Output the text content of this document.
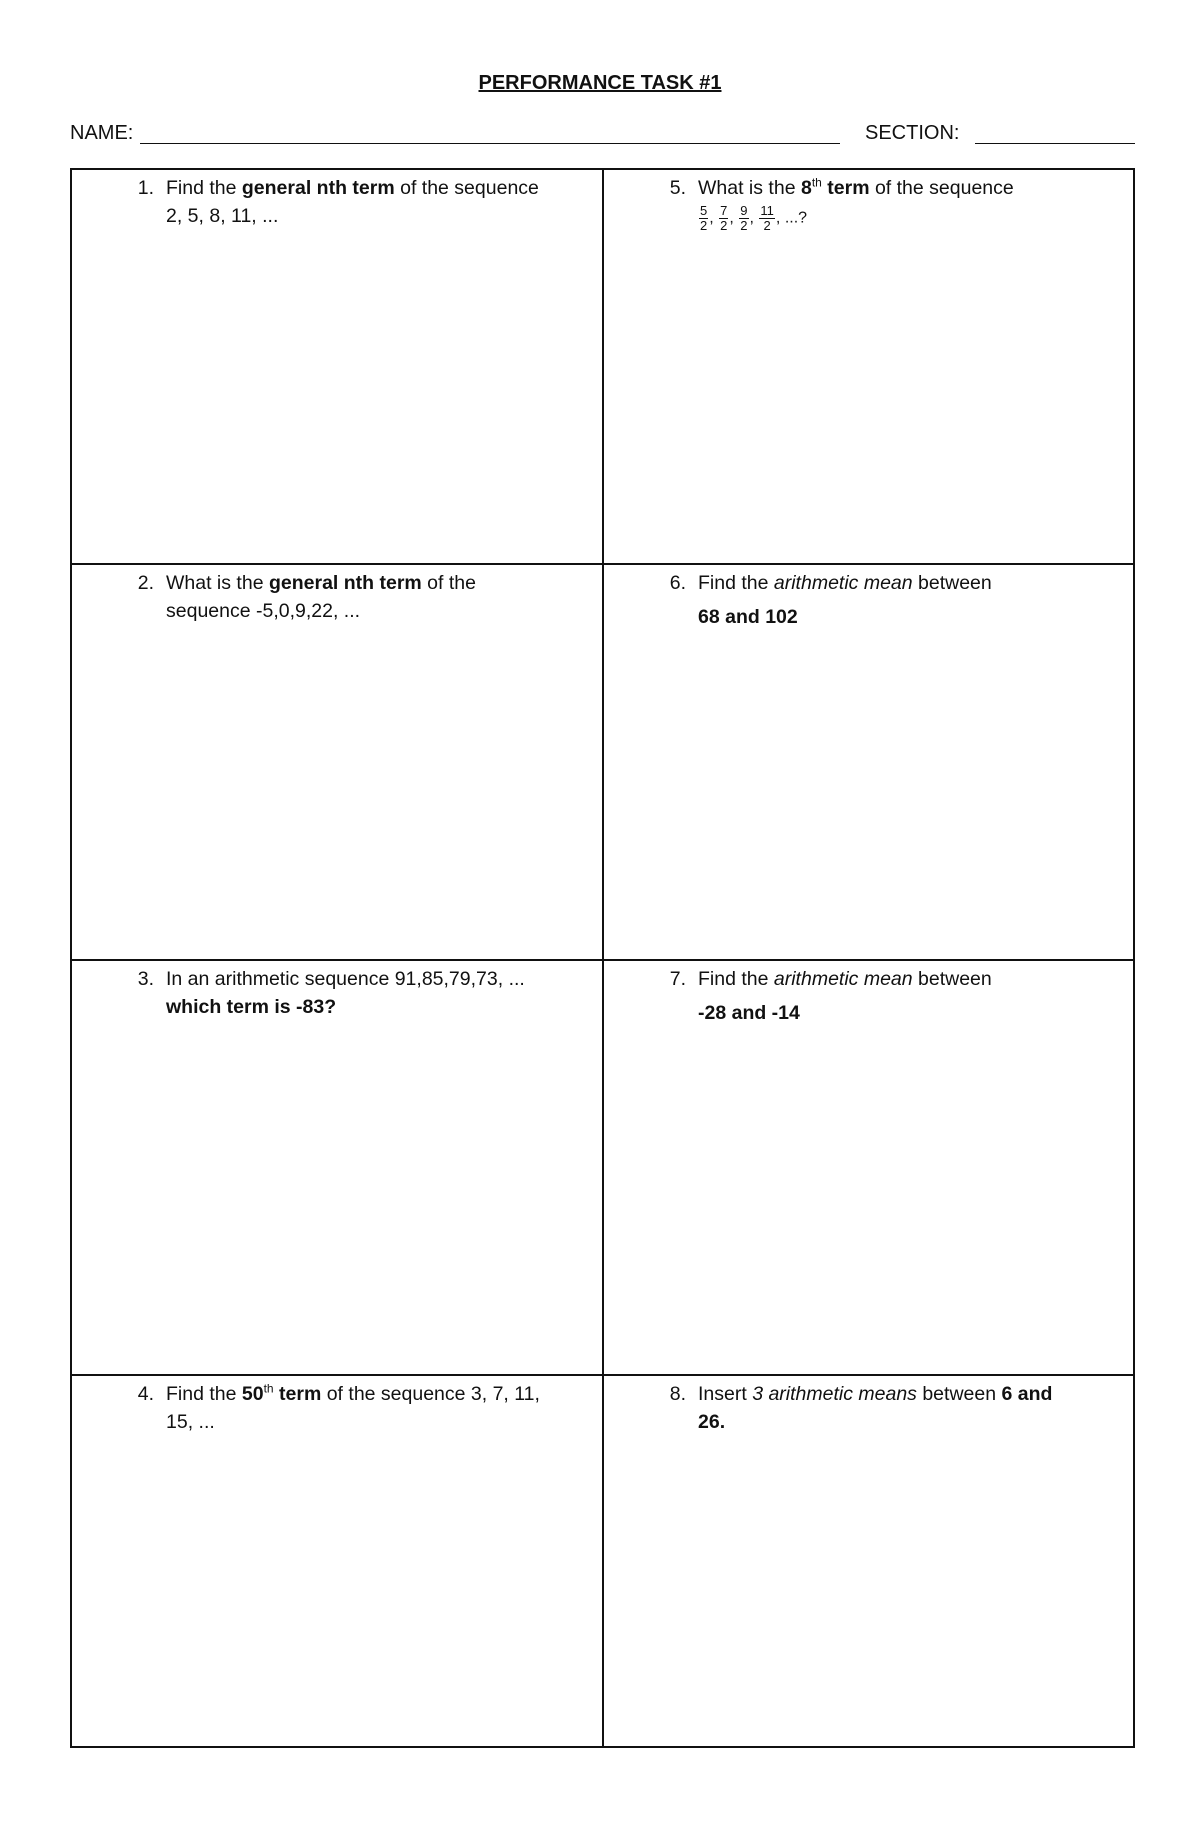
PERFORMANCE TASK #1
NAME:	SECTION:
1. Find the general nth term of the sequence
2, 5, 8, 11, ...
5. What is the 8th term of the sequence
$\frac{5}{2}$ , $\frac{7}{2}$ , $\frac{9}{2}$ , $\frac{11}{2}$ , ...?
2. What is the general nth term of the
sequence -5,0,9,22, ...
6. Find the arithmetic mean between
68 and 102
3. In an arithmetic sequence 91,85,79,73, ...
which term is -83?
7. Find the arithmetic mean between
-28 and -14
4. Find the 50th term of the sequence 3, 7, 11,
15, ...
8. Insert 3 arithmetic means between 6 and
26.
